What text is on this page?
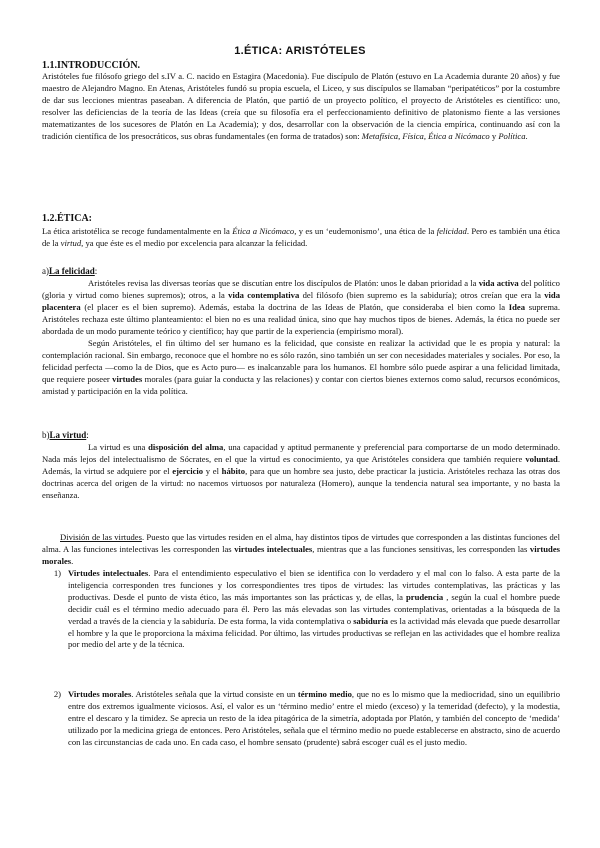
1.ÉTICA: ARISTÓTELES

1.1.INTRODUCCIÓN.

Aristóteles fue filósofo griego del s.IV a. C. nacido en Estagira (Macedonia). Fue discípulo de Platón (estuvo en La Academia durante 20 años) y fue maestro de Alejandro Magno. En Atenas, Aristóteles fundó su propia escuela, el Liceo, y sus discípulos se llamaban “peripatéticos” por la costumbre de dar sus lecciones mientras paseaban. A diferencia de Platón, que partió de un proyecto político, el proyecto de Aristóteles es científico: uno, resolver las deficiencias de la teoría de las Ideas (creía que su filosofía era el perfeccionamiento definitivo de platonismo fiente a las versiones matematizantes de los sucesores de Platón en La Academia); y dos, desarrollar con la observación de la ciencia empírica, continuando así con la tradición científica de los presocráticos, sus obras fundamentales (en forma de tratados) son: Metafísica, Física, Ética a Nicómaco y Política.

1.2.ÉTICA:

La ética aristotélica se recoge fundamentalmente en la Ética a Nicómaco, y es un ‘eudemonismo’, una ética de la felicidad. Pero es también una ética de la virtud, ya que éste es el medio por excelencia para alcanzar la felicidad.

a)La felicidad:

Aristóteles revisa las diversas teorías que se discutían entre los discípulos de Platón: unos le daban prioridad a la vida activa del político (gloria y virtud como bienes supremos); otros, a la vida contemplativa del filósofo (bien supremo es la sabiduría); otros creían que era la vida placentera (el placer es el bien supremo). Además, estaba la doctrina de las Ideas de Platón, que consideraba el bien como la Idea suprema. Aristóteles rechaza este último planteamiento: el bien no es una realidad única, sino que hay muchos tipos de bienes. Además, la ética no puede ser abordada de un modo puramente teórico y científico; hay que partir de la experiencia (empirismo moral).

Según Aristóteles, el fin último del ser humano es la felicidad, que consiste en realizar la actividad que le es propia y natural: la contemplación racional. Sin embargo, reconoce que el hombre no es sólo razón, sino también un ser con necesidades materiales y sociales. Por eso, la felicidad perfecta —como la de Dios, que es Acto puro— es inalcanzable para los humanos. El hombre sólo puede aspirar a una felicidad limitada, que requiere poseer virtudes morales (para guiar la conducta y las relaciones) y contar con ciertos bienes externos como salud, recursos económicos, amistad y participación en la vida política.

b)La virtud:

La virtud es una disposición del alma, una capacidad y aptitud permanente y preferencial para comportarse de un modo determinado. Nada más lejos del intelectualismo de Sócrates, en el que la virtud es conocimiento, ya que Aristóteles considera que también requiere voluntad. Además, la virtud se adquiere por el ejercicio y el hábito, para que un hombre sea justo, debe practicar la justicia. Aristóteles rechaza las otras dos doctrinas acerca del origen de la virtud: no nacemos virtuosos por naturaleza (Homero), aunque la tendencia natural sea importante, y no basta la enseñanza.

División de las virtudes. Puesto que las virtudes residen en el alma, hay distintos tipos de virtudes que corresponden a las distintas funciones del alma. A las funciones intelectivas les corresponden las virtudes intelectuales, mientras que a las funciones sensitivas, les corresponden las virtudes morales.

1) Virtudes intelectuales. Para el entendimiento especulativo el bien se identifica con lo verdadero y el mal con lo falso. A esta parte de la inteligencia corresponden tres funciones y los correspondientes tres tipos de virtudes: las virtudes contemplativas, las prácticas y las productivas. Desde el punto de vista ético, las más importantes son las prácticas y, de ellas, la prudencia , según la cual el hombre puede decidir cuál es el término medio adecuado para él. Pero las más elevadas son las virtudes contemplativas, orientadas a la búsqueda de la verdad a través de la ciencia y la sabiduría. De esta forma, la vida contemplativa o sabiduría es la actividad más elevada que puede desarrollar el hombre y la que le proporciona la máxima felicidad. Por último, las virtudes productivas se reflejan en las actividades que el hombre realiza por medio del arte y de la técnica.

2) Virtudes morales. Aristóteles señala que la virtud consiste en un término medio, que no es lo mismo que la mediocridad, sino un equilibrio entre dos extremos igualmente viciosos. Así, el valor es un ‘término medio’ entre el miedo (exceso) y la temeridad (defecto), y la modestia, entre el descaro y la timidez. Se aprecia un resto de la idea pitagórica de la simetría, adoptada por Platón, y también del concepto de ‘medida’ utilizado por la medicina griega de entonces. Pero Aristóteles, señala que el término medio no puede establecerse en abstracto, sino de acuerdo con las circunstancias de cada uno. En cada caso, el hombre sensato (prudente) sabrá escoger cuál es el justo medio.
